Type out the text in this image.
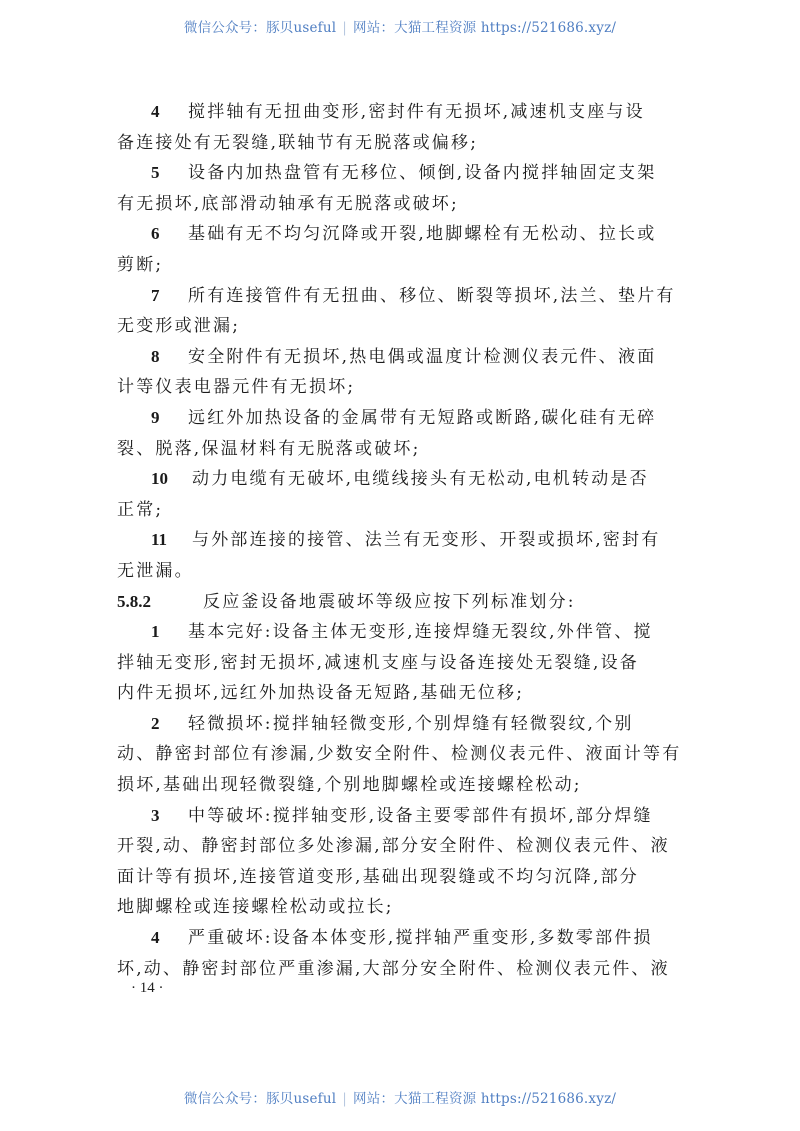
微信公众号：豚贝useful | 网站：大猫工程资源 https://521686.xyz/
4 搅拌轴有无扭曲变形,密封件有无损坏,减速机支座与设
备连接处有无裂缝,联轴节有无脱落或偏移;
5 设备内加热盘管有无移位、倾倒,设备内搅拌轴固定支架
有无损坏,底部滑动轴承有无脱落或破坏;
6 基础有无不均匀沉降或开裂,地脚螺栓有无松动、拉长或
剪断;
7 所有连接管件有无扭曲、移位、断裂等损坏,法兰、垫片有
无变形或泄漏;
8 安全附件有无损坏,热电偶或温度计检测仪表元件、液面
计等仪表电器元件有无损坏;
9 远红外加热设备的金属带有无短路或断路,碳化硅有无碎
裂、脱落,保温材料有无脱落或破坏;
10 动力电缆有无破坏,电缆线接头有无松动,电机转动是否
正常;
11 与外部连接的接管、法兰有无变形、开裂或损坏,密封有
无泄漏。
5.8.2	反应釜设备地震破坏等级应按下列标准划分:
1 基本完好:设备主体无变形,连接焊缝无裂纹,外伴管、搅
拌轴无变形,密封无损坏,减速机支座与设备连接处无裂缝,设备
内件无损坏,远红外加热设备无短路,基础无位移;
2 轻微损坏:搅拌轴轻微变形,个别焊缝有轻微裂纹,个别
动、静密封部位有渗漏,少数安全附件、检测仪表元件、液面计等有
损坏,基础出现轻微裂缝,个别地脚螺栓或连接螺栓松动;
3 中等破坏:搅拌轴变形,设备主要零部件有损坏,部分焊缝
开裂,动、静密封部位多处渗漏,部分安全附件、检测仪表元件、液
面计等有损坏,连接管道变形,基础出现裂缝或不均匀沉降,部分
地脚螺栓或连接螺栓松动或拉长;
4 严重破坏:设备本体变形,搅拌轴严重变形,多数零部件损
坏,动、静密封部位严重渗漏,大部分安全附件、检测仪表元件、液
· 14 ·
微信公众号：豚贝useful | 网站：大猫工程资源 https://521686.xyz/
